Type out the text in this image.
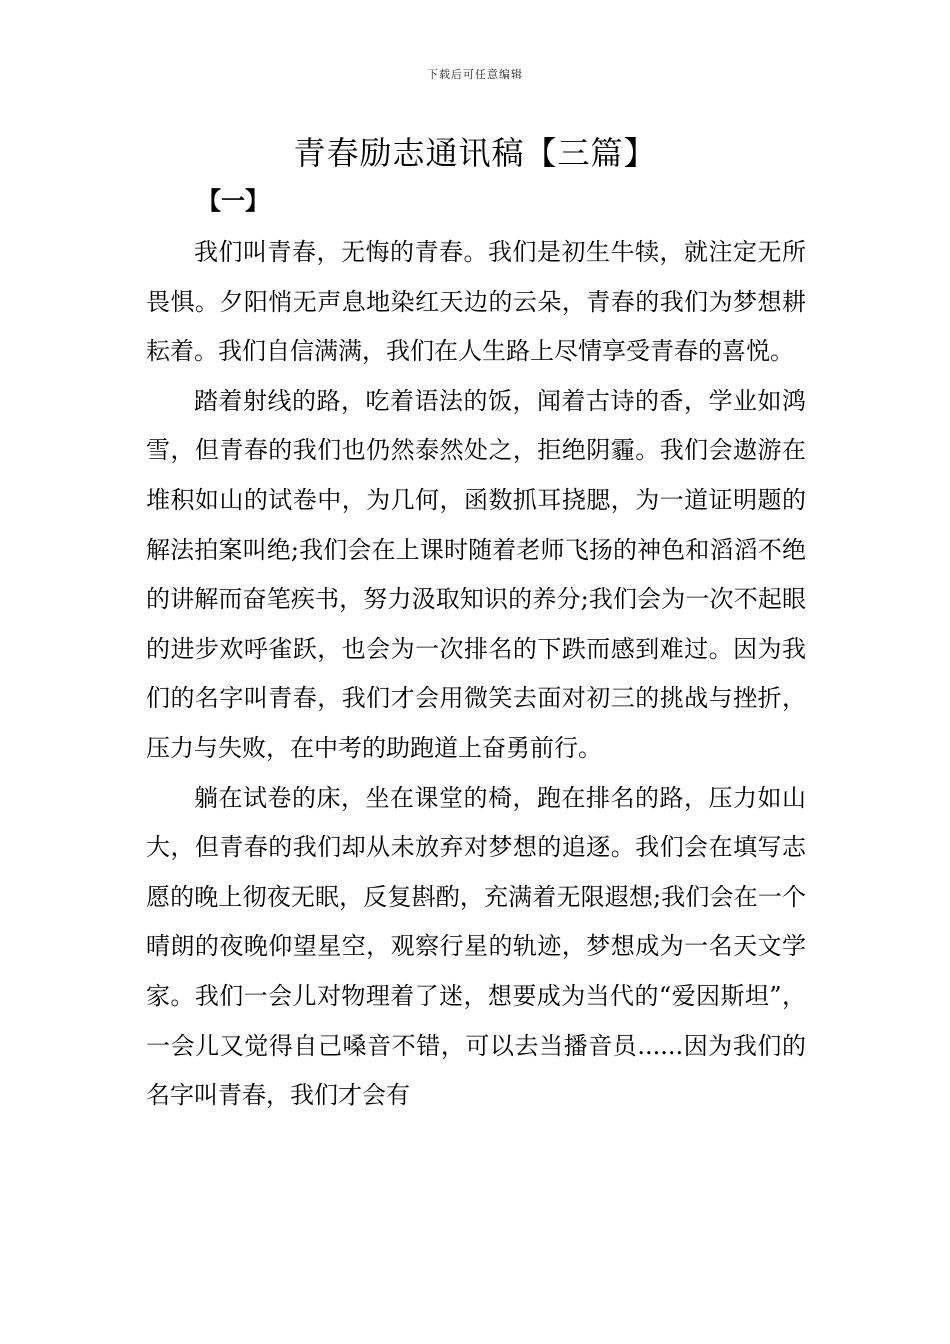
下载后可任意编辑
青春励志通讯稿【三篇】
【一】

我们叫青春，无悔的青春。我们是初生牛犊，就注定无所畏惧。夕阳悄无声息地染红天边的云朵，青春的我们为梦想耕耘着。我们自信满满，我们在人生路上尽情享受青春的喜悦。

踏着射线的路，吃着语法的饭，闻着古诗的香，学业如鸿雪，但青春的我们也仍然泰然处之，拒绝阴霾。我们会遨游在堆积如山的试卷中，为几何，函数抓耳挠腮，为一道证明题的解法拍案叫绝;我们会在上课时随着老师飞扬的神色和滔滔不绝的讲解而奋笔疾书，努力汲取知识的养分;我们会为一次不起眼的进步欢呼雀跃，也会为一次排名的下跌而感到难过。因为我们的名字叫青春，我们才会用微笑去面对初三的挑战与挫折，压力与失败，在中考的助跑道上奋勇前行。

躺在试卷的床，坐在课堂的椅，跑在排名的路，压力如山大，但青春的我们却从未放弃对梦想的追逐。我们会在填写志愿的晚上彻夜无眠，反复斟酌，充满着无限遐想;我们会在一个晴朗的夜晚仰望星空，观察行星的轨迹，梦想成为一名天文学家。我们一会儿对物理着了迷，想要成为当代的“爱因斯坦”，一会儿又觉得自己嗓音不错，可以去当播音员......因为我们的名字叫青春，我们才会有
